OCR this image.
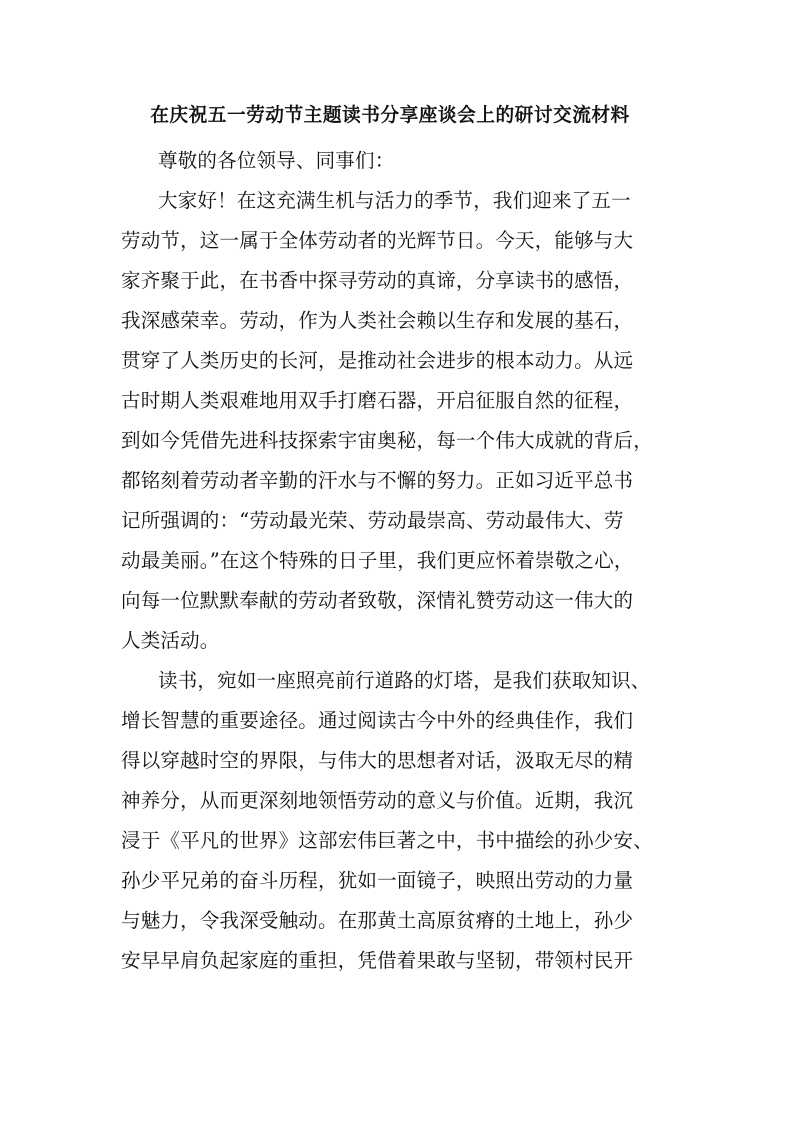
在庆祝五一劳动节主题读书分享座谈会上的研讨交流材料
尊敬的各位领导、同事们：
大家好！在这充满生机与活力的季节，我们迎来了五一
劳动节，这一属于全体劳动者的光辉节日。今天，能够与大
家齐聚于此，在书香中探寻劳动的真谛，分享读书的感悟，
我深感荣幸。劳动，作为人类社会赖以生存和发展的基石，
贯穿了人类历史的长河，是推动社会进步的根本动力。从远
古时期人类艰难地用双手打磨石器，开启征服自然的征程，
到如今凭借先进科技探索宇宙奥秘，每一个伟大成就的背后，
都铭刻着劳动者辛勤的汗水与不懈的努力。正如习近平总书
记所强调的：“劳动最光荣、劳动最崇高、劳动最伟大、劳
动最美丽。”在这个特殊的日子里，我们更应怀着崇敬之心，
向每一位默默奉献的劳动者致敬，深情礼赞劳动这一伟大的
人类活动。
读书，宛如一座照亮前行道路的灯塔，是我们获取知识、
增长智慧的重要途径。通过阅读古今中外的经典佳作，我们
得以穿越时空的界限，与伟大的思想者对话，汲取无尽的精
神养分，从而更深刻地领悟劳动的意义与价值。近期，我沉
浸于《平凡的世界》这部宏伟巨著之中，书中描绘的孙少安、
孙少平兄弟的奋斗历程，犹如一面镜子，映照出劳动的力量
与魅力，令我深受触动。在那黄土高原贫瘠的土地上，孙少
安早早肩负起家庭的重担，凭借着果敢与坚韧，带领村民开
